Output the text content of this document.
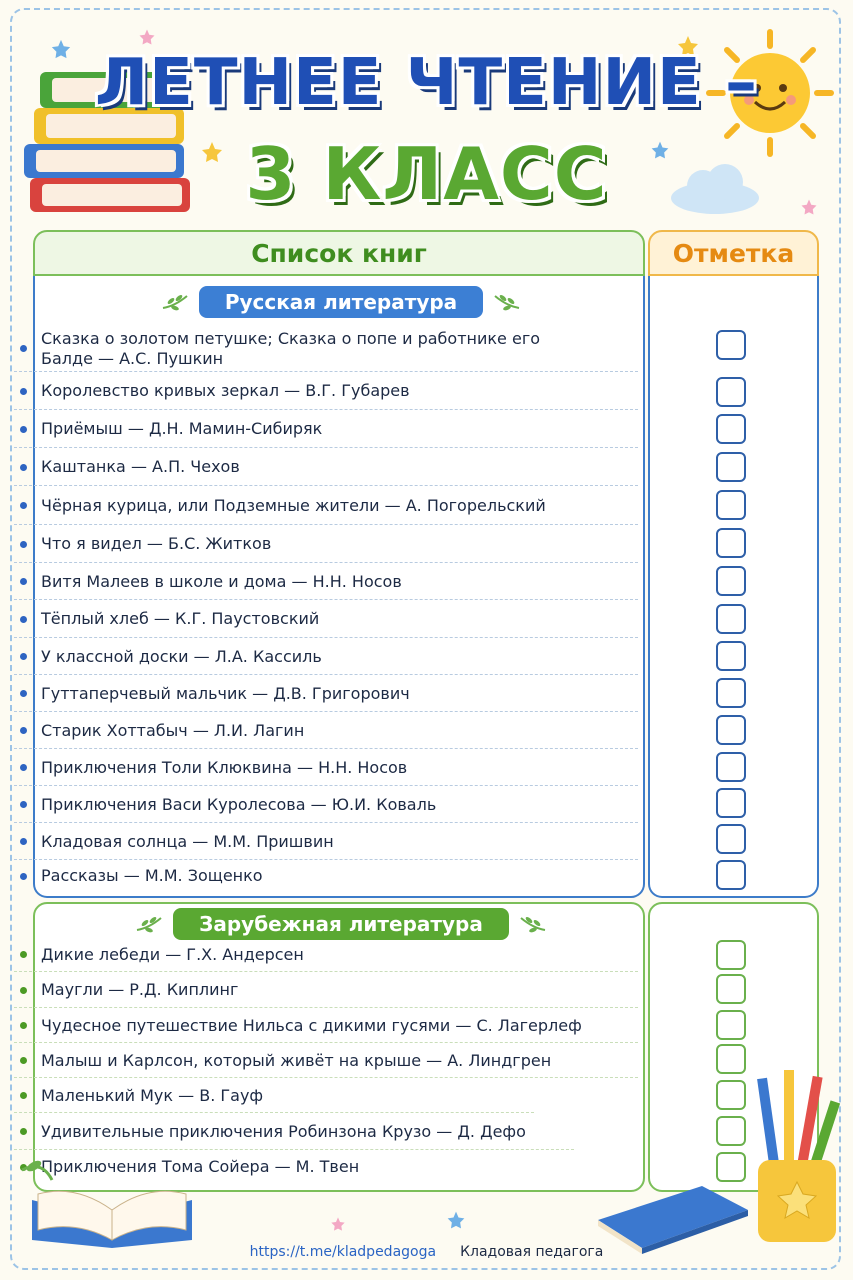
ЛЕТНЕЕ ЧТЕНИЕ –
3 КЛАСС
Список книг	Отметка
Русская литература
Зарубежная литература
Сказка о золотом петушке; Сказка о попе и работнике его Балде — А.С. Пушкин
Королевство кривых зеркал — В.Г. Губарев
Приёмыш — Д.Н. Мамин-Сибиряк
Каштанка — А.П. Чехов
Чёрная курица, или Подземные жители — А. Погорельский
Что я видел — Б.С. Житков
Витя Малеев в школе и дома — Н.Н. Носов
Тёплый хлеб — К.Г. Паустовский
У классной доски — Л.А. Кассиль
Гуттаперчевый мальчик — Д.В. Григорович
Старик Хоттабыч — Л.И. Лагин
Приключения Толи Клюквина — Н.Н. Носов
Приключения Васи Куролесова — Ю.И. Коваль
Кладовая солнца — М.М. Пришвин
Рассказы — М.М. Зощенко
Дикие лебеди — Г.Х. Андерсен
Маугли — Р.Д. Киплинг
Чудесное путешествие Нильса с дикими гусями — С. Лагерлеф
Малыш и Карлсон, который живёт на крыше — А. Линдгрен
Маленький Мук — В. Гауф
Удивительные приключения Робинзона Крузо — Д. Дефо
Приключения Тома Сойера — М. Твен
https://t.me/kladpedagoga Кладовая педагога
